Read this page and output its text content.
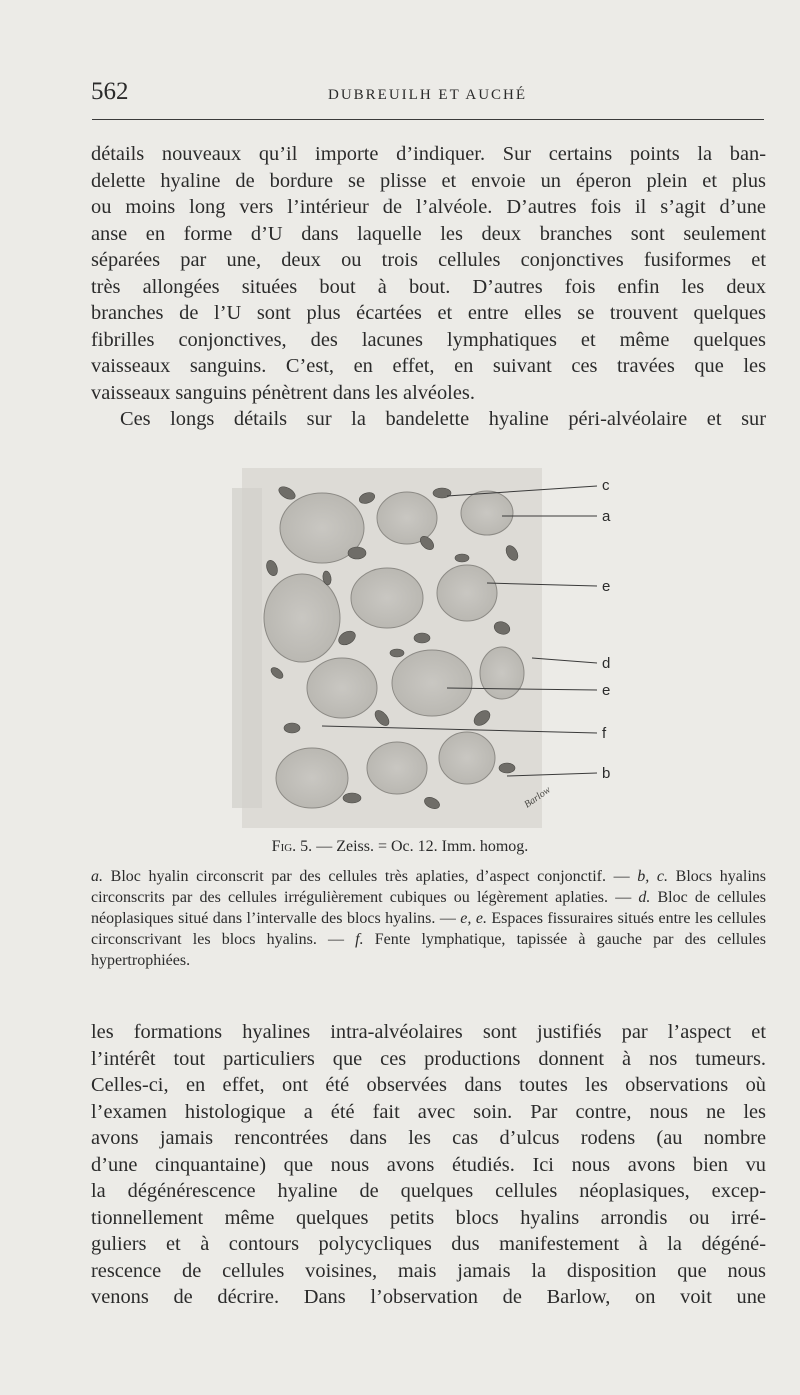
562	DUBREUILH ET AUCHÉ

détails nouveaux qu’il importe d’indiquer. Sur certains points la ban-

delette hyaline de bordure se plisse et envoie un éperon plein et plus

ou moins long vers l’intérieur de l’alvéole. D’autres fois il s’agit d’une

anse en forme d’U dans laquelle les deux branches sont seulement

séparées par une, deux ou trois cellules conjonctives fusiformes et

très allongées situées bout à bout. D’autres fois enfin les deux

branches de l’U sont plus écartées et entre elles se trouvent quelques

fibrilles conjonctives, des lacunes lymphatiques et même quelques

vaisseaux sanguins. C’est, en effet, en suivant ces travées que les

vaisseaux sanguins pénètrent dans les alvéoles.

Ces longs détails sur la bandelette hyaline péri-alvéolaire et sur

c
a
e
d
e
f
b
Barlow
Fig. 5. — Zeiss. = Oc. 12. Imm. homog.
a. Bloc hyalin circonscrit par des cellules très aplaties, d’aspect conjonctif. — b, c. Blocs hyalins circonscrits par des cellules irrégulièrement cubiques ou légèrement aplaties. — d. Bloc de cellules néoplasiques situé dans l’intervalle des blocs hyalins. — e, e. Espaces fissuraires situés entre les cellules circonscrivant les blocs hyalins. — f. Fente lymphatique, tapissée à gauche par des cellules hypertrophiées.

les formations hyalines intra-alvéolaires sont justifiés par l’aspect et

l’intérêt tout particuliers que ces productions donnent à nos tumeurs.

Celles-ci, en effet, ont été observées dans toutes les observations où

l’examen histologique a été fait avec soin. Par contre, nous ne les

avons jamais rencontrées dans les cas d’ulcus rodens (au nombre

d’une cinquantaine) que nous avons étudiés. Ici nous avons bien vu

la dégénérescence hyaline de quelques cellules néoplasiques, excep-

tionnellement même quelques petits blocs hyalins arrondis ou irré-

guliers et à contours polycycliques dus manifestement à la dégéné-

rescence de cellules voisines, mais jamais la disposition que nous

venons de décrire. Dans l’observation de Barlow, on voit une
